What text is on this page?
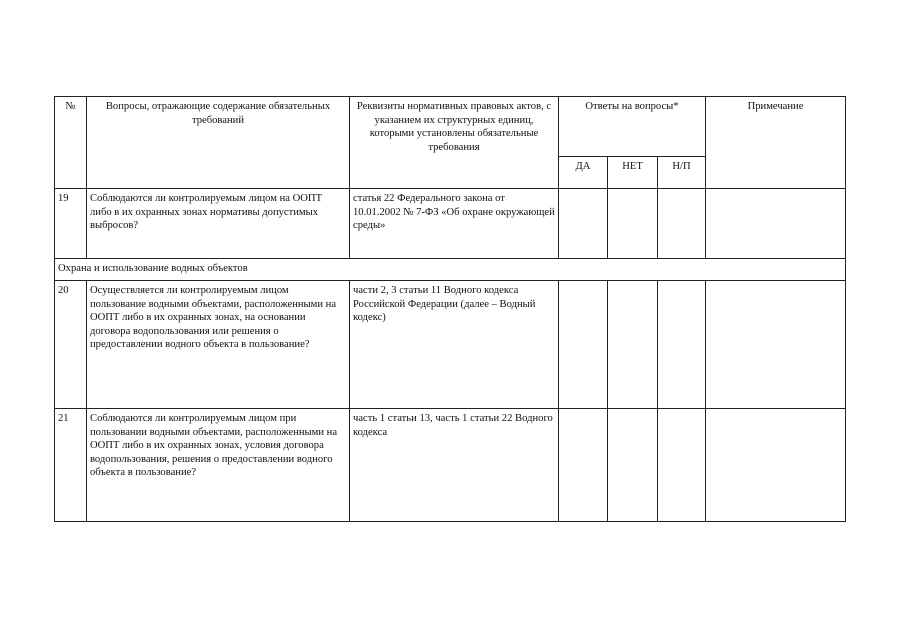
№	Вопросы, отражающие содержание обязательных требований	Реквизиты нормативных правовых актов, с указанием их структурных единиц, которыми установлены обязательные требования	Ответы на вопросы*			Примечание
			ДА	НЕТ	Н/П	
19	Соблюдаются ли контролируемым лицом на ООПТ либо в их охранных зонах нормативы допустимых выбросов?	статья 22 Федерального закона от 10.01.2002 № 7-ФЗ «Об охране окружающей среды»				
Охрана и использование водных объектов						
20	Осуществляется ли контролируемым лицом пользование водными объектами, расположенными на ООПТ либо в их охранных зонах, на основании договора водопользования или решения о предоставлении водного объекта в пользование?	части 2, 3 статьи 11 Водного кодекса Российской Федерации (далее – Водный кодекс)				
21	Соблюдаются ли контролируемым лицом при пользовании водными объектами, расположенными на ООПТ либо в их охранных зонах, условия договора водопользования, решения о предоставлении водного объекта в пользование?	часть 1 статьи 13, часть 1 статьи 22 Водного кодекса				
